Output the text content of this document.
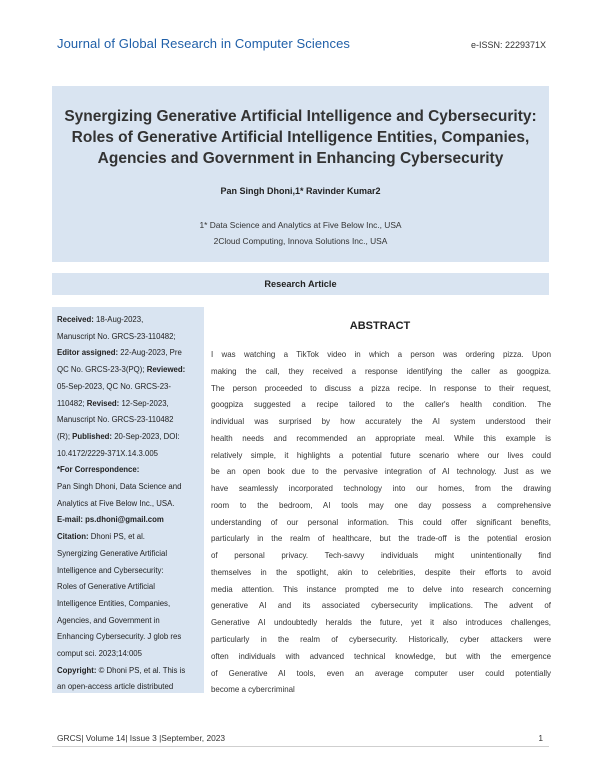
Journal of Global Research in Computer Sciences	e-ISSN: 2229371X
Synergizing Generative Artificial Intelligence and Cybersecurity:
Roles of Generative Artificial Intelligence Entities, Companies,
Agencies and Government in Enhancing Cybersecurity
Pan Singh Dhoni,1* Ravinder Kumar2
1* Data Science and Analytics at Five Below Inc., USA
2Cloud Computing, Innova Solutions Inc., USA
Research Article
Received: 18-Aug-2023,
Manuscript No. GRCS-23-110482;
Editor assigned: 22-Aug-2023, Pre
QC No. GRCS-23-3(PQ); Reviewed:
05-Sep-2023, QC No. GRCS-23-
110482; Revised: 12-Sep-2023,
Manuscript No. GRCS-23-110482
(R); Published: 20-Sep-2023, DOI:
10.4172/2229-371X.14.3.005
*For Correspondence:
Pan Singh Dhoni, Data Science and
Analytics at Five Below Inc., USA.
E-mail: ps.dhoni@gmail.com
Citation: Dhoni PS, et al.
Synergizing Generative Artificial
Intelligence and Cybersecurity:
Roles of Generative Artificial
Intelligence Entities, Companies,
Agencies, and Government in
Enhancing Cybersecurity. J glob res
comput sci. 2023;14:005
Copyright: © Dhoni PS, et al. This is
an open-access article distributed
ABSTRACT
I was watching a TikTok video in which a person was ordering pizza. Upon
making the call, they received a response identifying the caller as googpiza.
The person proceeded to discuss a pizza recipe. In response to their request,
googpiza suggested a recipe tailored to the caller's health condition. The
individual was surprised by how accurately the AI system understood their
health needs and recommended an appropriate meal. While this example is
relatively simple, it highlights a potential future scenario where our lives could
be an open book due to the pervasive integration of AI technology. Just as we
have seamlessly incorporated technology into our homes, from the drawing
room to the bedroom, AI tools may one day possess a comprehensive
understanding of our personal information. This could offer significant benefits,
particularly in the realm of healthcare, but the trade-off is the potential erosion
of personal privacy. Tech-savvy individuals might unintentionally find
themselves in the spotlight, akin to celebrities, despite their efforts to avoid
media attention. This instance prompted me to delve into research concerning
generative AI and its associated cybersecurity implications. The advent of
Generative AI undoubtedly heralds the future, yet it also introduces challenges,
particularly in the realm of cybersecurity. Historically, cyber attackers were
often individuals with advanced technical knowledge, but with the emergence
of Generative AI tools, even an average computer user could potentially
become a cybercriminal
GRCS| Volume 14| Issue 3 |September, 2023	1
